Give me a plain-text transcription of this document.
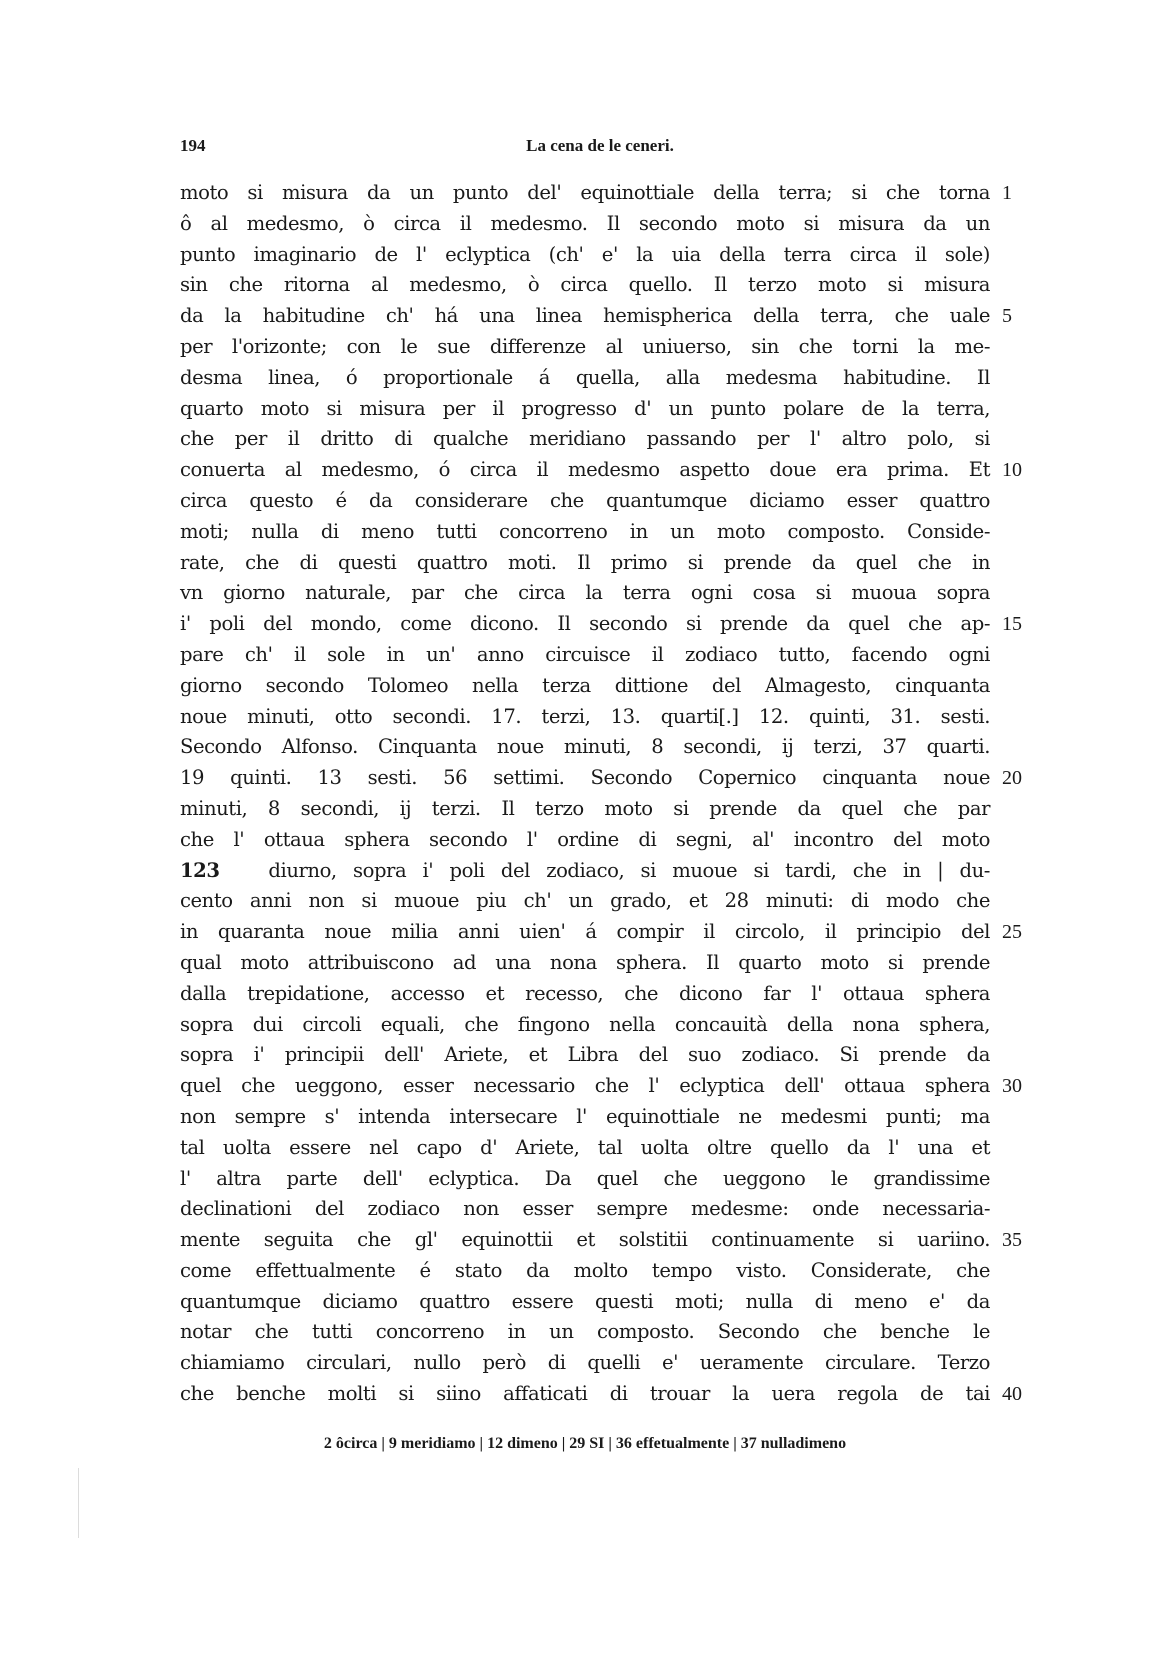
194	La cena de le ceneri.
moto si misura da un punto del' equinottiale della terra; si che torna 1
ô al medesmo, ò circa il medesmo. Il secondo moto si misura da un
punto imaginario de l' eclyptica (ch' e' la uia della terra circa il sole)
sin che ritorna al medesmo, ò circa quello. Il terzo moto si misura
da la habitudine ch' há una linea hemispherica della terra, che uale 5
per l'orizonte; con le sue differenze al uniuerso, sin che torni la me-
desma linea, ó proportionale á quella, alla medesma habitudine. Il
quarto moto si misura per il progresso d' un punto polare de la terra,
che per il dritto di qualche meridiano passando per l' altro polo, si
conuerta al medesmo, ó circa il medesmo aspetto doue era prima. Et 10
circa questo é da considerare che quantumque diciamo esser quattro
moti; nulla di meno tutti concorreno in un moto composto. Conside-
rate, che di questi quattro moti. Il primo si prende da quel che in
vn giorno naturale, par che circa la terra ogni cosa si muoua sopra
i' poli del mondo, come dicono. Il secondo si prende da quel che ap- 15
pare ch' il sole in un' anno circuisce il zodiaco tutto, facendo ogni
giorno secondo Tolomeo nella terza dittione del Almagesto, cinquanta
noue minuti, otto secondi. 17. terzi, 13. quarti[.] 12. quinti, 31. sesti.
Secondo Alfonso. Cinquanta noue minuti, 8 secondi, ij terzi, 37 quarti.
19 quinti. 13 sesti. 56 settimi. Secondo Copernico cinquanta noue 20
minuti, 8 secondi, ij terzi. Il terzo moto si prende da quel che par
che l' ottaua sphera secondo l' ordine di segni, al' incontro del moto
123 diurno, sopra i' poli del zodiaco, si muoue si tardi, che in | du-
cento anni non si muoue piu ch' un grado, et 28 minuti: di modo che
in quaranta noue milia anni uien' á compir il circolo, il principio del 25
qual moto attribuiscono ad una nona sphera. Il quarto moto si prende
dalla trepidatione, accesso et recesso, che dicono far l' ottaua sphera
sopra dui circoli equali, che fingono nella concauità della nona sphera,
sopra i' principii dell' Ariete, et Libra del suo zodiaco. Si prende da
quel che ueggono, esser necessario che l' eclyptica dell' ottaua sphera 30
non sempre s' intenda intersecare l' equinottiale ne medesmi punti; ma
tal uolta essere nel capo d' Ariete, tal uolta oltre quello da l' una et
l' altra parte dell' eclyptica. Da quel che ueggono le grandissime
declinationi del zodiaco non esser sempre medesme: onde necessaria-
mente seguita che gl' equinottii et solstitii continuamente si uariino. 35
come effettualmente é stato da molto tempo visto. Considerate, che
quantumque diciamo quattro essere questi moti; nulla di meno e' da
notar che tutti concorreno in un composto. Secondo che benche le
chiamiamo circulari, nullo però di quelli e' ueramente circulare. Terzo
che benche molti si siino affaticati di trouar la uera regola de tai 40
2 ôcirca | 9 meridiamo | 12 dimeno | 29 SI | 36 effetualmente | 37 nulladimeno
